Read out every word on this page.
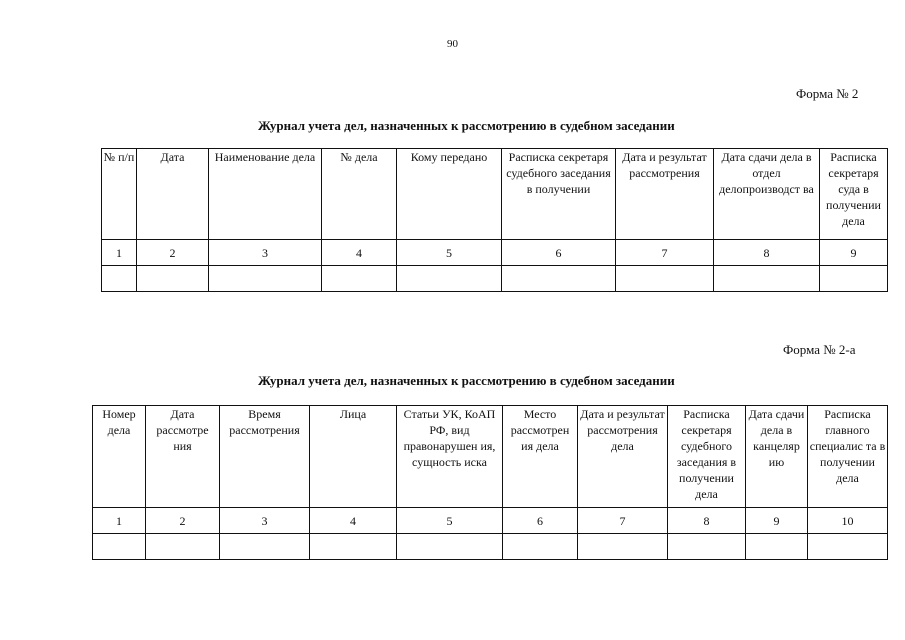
90
Форма № 2
Журнал учета дел, назначенных к рассмотрению в судебном заседании
№ п/п	Дата	Наименование дела	№ дела	Кому передано	Расписка секретаря судебного заседания в получении	Дата и результат рассмотрения	Дата сдачи дела в отдел делопроизводст ва	Расписка секретаря суда в получении дела
1	2	3	4	5	6	7	8	9

Форма № 2-а
Журнал учета дел, назначенных к рассмотрению в судебном заседании
Номер дела	Дата рассмотре ния	Время рассмотрения	Лица	Статьи УК, КоАП РФ, вид правонарушен ия, сущность иска	Место рассмотрен ия дела	Дата и результат рассмотрения дела	Расписка секретаря судебного заседания в получении дела	Дата сдачи дела в канцеляр ию	Расписка главного специалис та в получении дела
1	2	3	4	5	6	7	8	9	10
